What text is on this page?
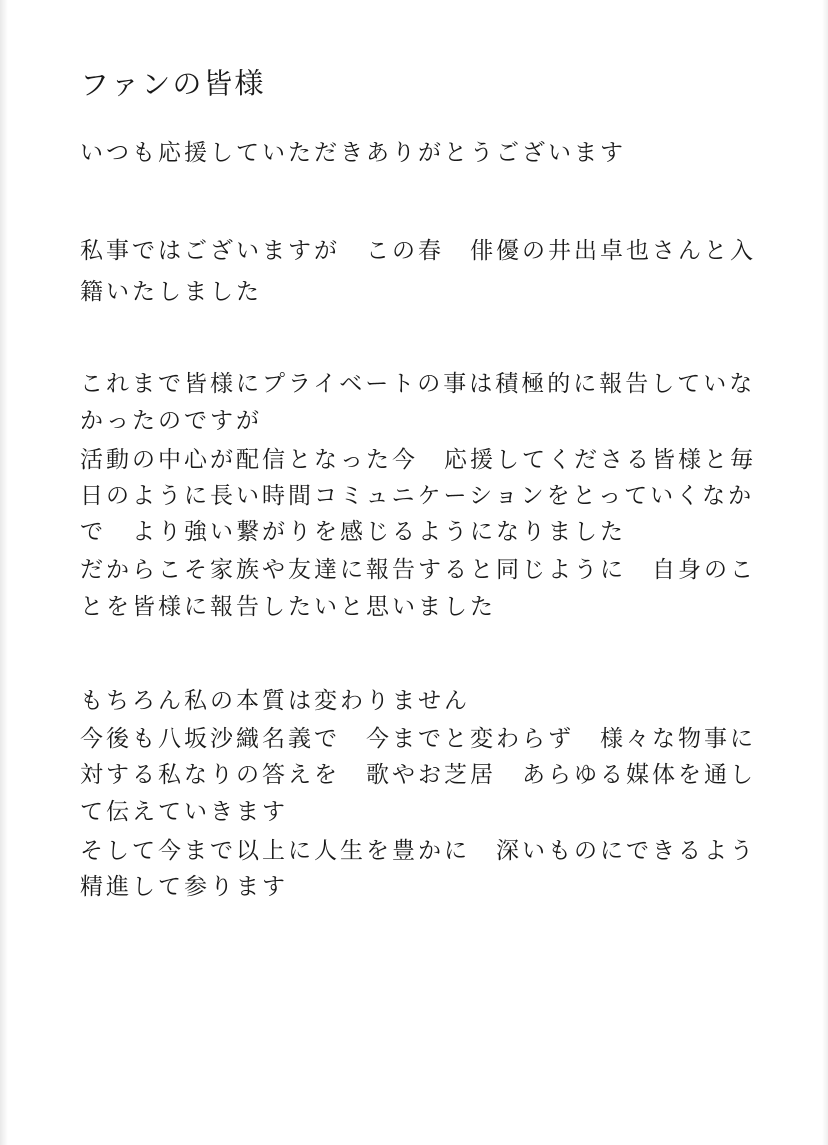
ファンの皆様
いつも応援していただきありがとうございます
私事ではございますが　この春　俳優の井出卓也さんと入
籍いたしました
これまで皆様にプライベートの事は積極的に報告していな
かったのですが
活動の中心が配信となった今　応援してくださる皆様と毎
日のように長い時間コミュニケーションをとっていくなか
で　より強い繋がりを感じるようになりました
だからこそ家族や友達に報告すると同じように　自身のこ
とを皆様に報告したいと思いました
もちろん私の本質は変わりません
今後も八坂沙織名義で　今までと変わらず　様々な物事に
対する私なりの答えを　歌やお芝居　あらゆる媒体を通し
て伝えていきます
そして今まで以上に人生を豊かに　深いものにできるよう
精進して参ります
